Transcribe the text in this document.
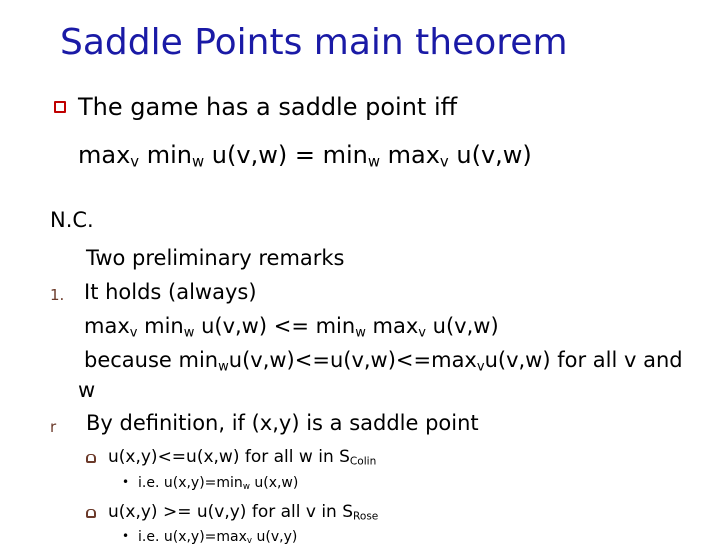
Saddle Points main theorem
The game has a saddle point iff
$\max_v \min_w u(v,w) = \min_w \max_v u(v,w)$
N.C.
Two preliminary remarks
1. It holds (always)
$\max_v \min_w u(v,w) <= \min_w \max_v u(v,w)$
because $\min_wu(v,w)<=u(v,w)<=\max_vu(v,w)$ for all v and
w
r By definition, if (x,y) is a saddle point
u(x,y)<=u(x,w) for all w in $S_{Colin}$
• i.e. $u(x,y)=\min_w$ u(x,w)
u(x,y) >= u(v,y) for all v in $S_{Rose}$
• i.e. $u(x,y)=\max_v$ u(v,y)
